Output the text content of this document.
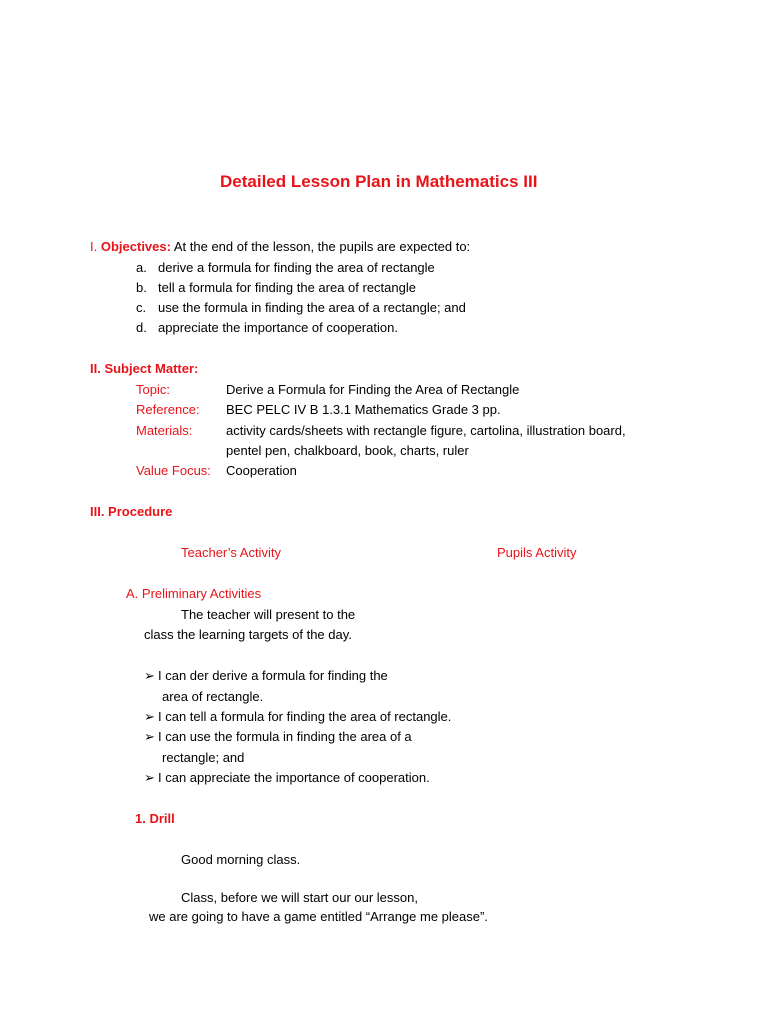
Detailed Lesson Plan in Mathematics III
I. Objectives: At the end of the lesson, the pupils are expected to:
a. derive a formula for finding the area of rectangle
b. tell a formula for finding the area of rectangle
c. use the formula in finding the area of a rectangle; and
d. appreciate the importance of cooperation.
II. Subject Matter:
Topic:	Derive a Formula for Finding the Area of Rectangle
Reference: BEC PELC IV B 1.3.1 Mathematics Grade 3 pp.
Materials:	activity cards/sheets with rectangle figure, cartolina, illustration board,
pentel pen, chalkboard, book, charts, ruler
Value Focus: Cooperation
III. Procedure
Teacher’s Activity	Pupils Activity
A. Preliminary Activities
The teacher will present to the
class the learning targets of the day.
➢ I can der derive a formula for finding the
area of rectangle.
➢ I can tell a formula for finding the area of rectangle.
➢ I can use the formula in finding the area of a
rectangle; and
➢ I can appreciate the importance of cooperation.
1. Drill
Good morning class.
Class, before we will start our our lesson,
we are going to have a game entitled “Arrange me please”.
